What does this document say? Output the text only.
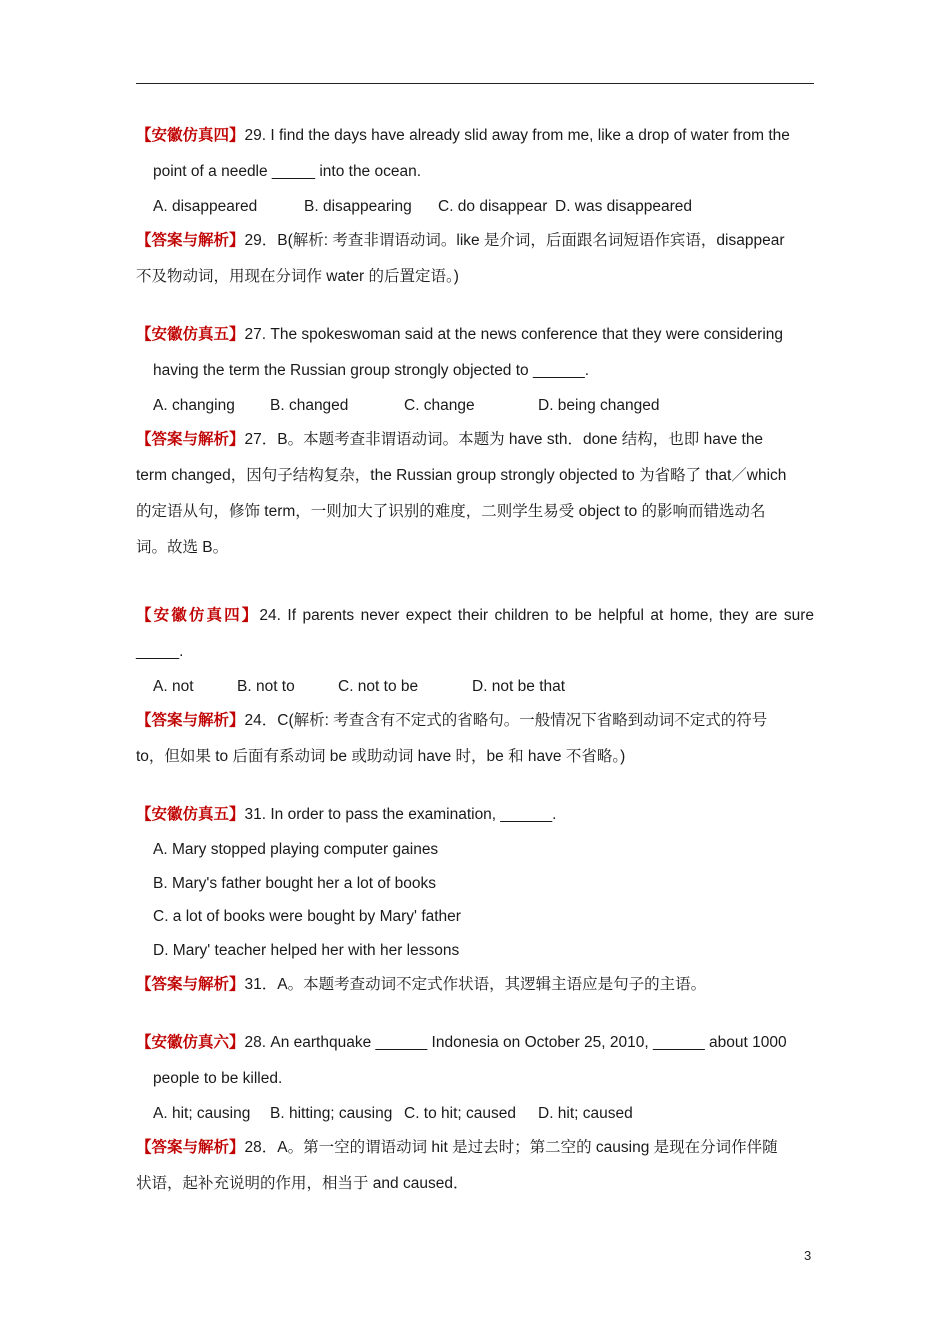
【安徽仿真四】29. I find the days have already slid away from me, like a drop of water from the

point of a needle _____ into the ocean.

A. disappeared	B. disappearing	C. do disappear D. was disappeared

【答案与解析】29．B(解析: 考查非谓语动词。like 是介词，后面跟名词短语作宾语，disappear

不及物动词，用现在分词作 water 的后置定语。)

【安徽仿真五】27. The spokeswoman said at the news conference that they were considering

having the term the Russian group strongly objected to ______.

A. changing	B. changed	C. change	D. being changed

【答案与解析】27．B。本题考查非谓语动词。本题为 have sth．done 结构，也即 have the

term changed，因句子结构复杂，the Russian group strongly objected to 为省略了 that／which

的定语从句，修饰 term，一则加大了识别的难度，二则学生易受 object to 的影响而错选动名

词。故选 B。

【安徽仿真四】24. If parents never expect their children to be helpful at home, they are sure _____.

A. not	B. not to	C. not to be	D. not be that

【答案与解析】24．C(解析: 考查含有不定式的省略句。一般情况下省略到动词不定式的符号

to，但如果 to 后面有系动词 be 或助动词 have 时，be 和 have 不省略。)

【安徽仿真五】31. In order to pass the examination, ______.

A. Mary stopped playing computer gaines

B. Mary's father bought her a lot of books

C. a lot of books were bought by Mary' father

D. Mary' teacher helped her with her lessons

【答案与解析】31．A。本题考查动词不定式作状语，其逻辑主语应是句子的主语。

【安徽仿真六】28. An earthquake ______ Indonesia on October 25, 2010, ______ about 1000

people to be killed.

A. hit; causing	B. hitting; causing C. to hit; caused	D. hit; caused

【答案与解析】28．A。第一空的谓语动词 hit 是过去时；第二空的 causing 是现在分词作伴随

状语，起补充说明的作用，相当于 and caused．

3
